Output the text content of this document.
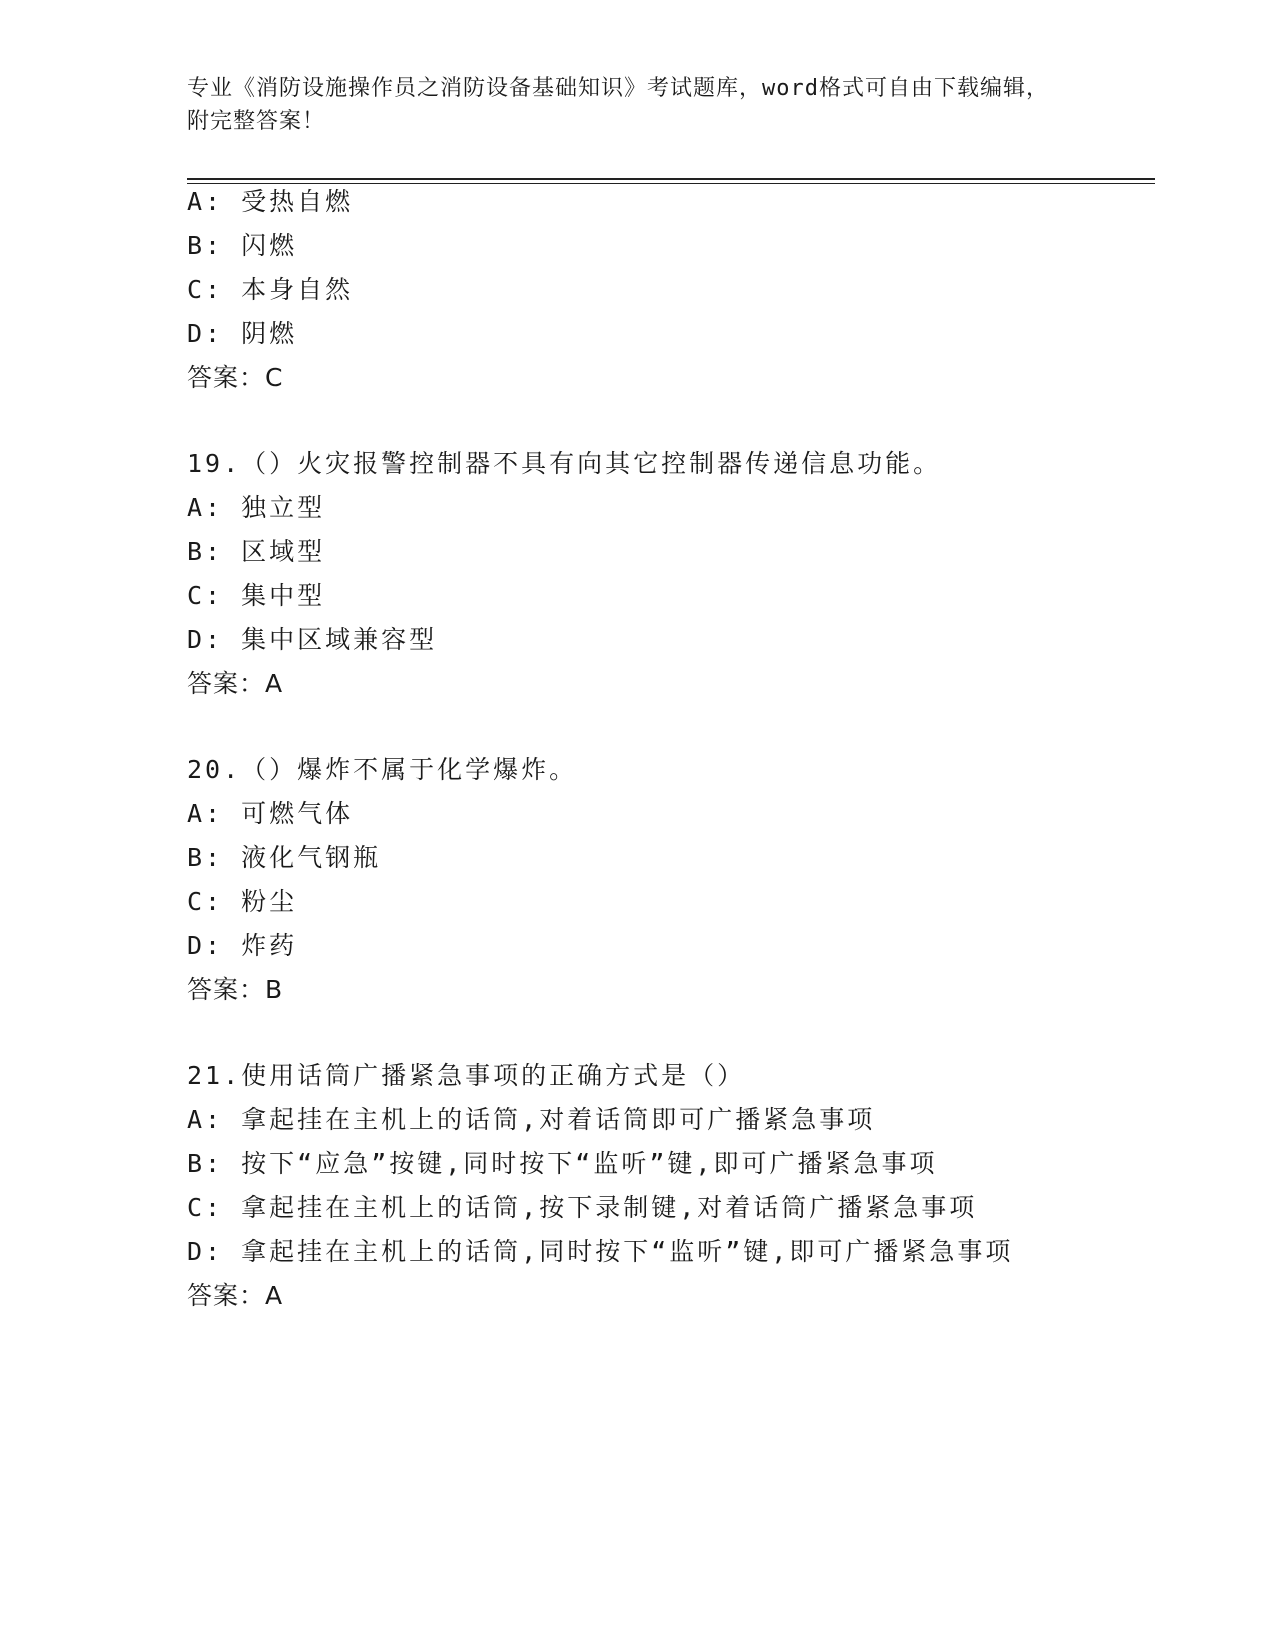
专业《消防设施操作员之消防设备基础知识》考试题库，word格式可自由下载编辑，附完整答案！
A: 受热自燃
B: 闪燃
C: 本身自然
D: 阴燃
答案：C
19.（）火灾报警控制器不具有向其它控制器传递信息功能。
A: 独立型
B: 区域型
C: 集中型
D: 集中区域兼容型
答案：A
20.（）爆炸不属于化学爆炸。
A: 可燃气体
B: 液化气钢瓶
C: 粉尘
D: 炸药
答案：B
21.使用话筒广播紧急事项的正确方式是（）
A: 拿起挂在主机上的话筒,对着话筒即可广播紧急事项
B: 按下“应急”按键,同时按下“监听”键,即可广播紧急事项
C: 拿起挂在主机上的话筒,按下录制键,对着话筒广播紧急事项
D: 拿起挂在主机上的话筒,同时按下“监听”键,即可广播紧急事项
答案：A
